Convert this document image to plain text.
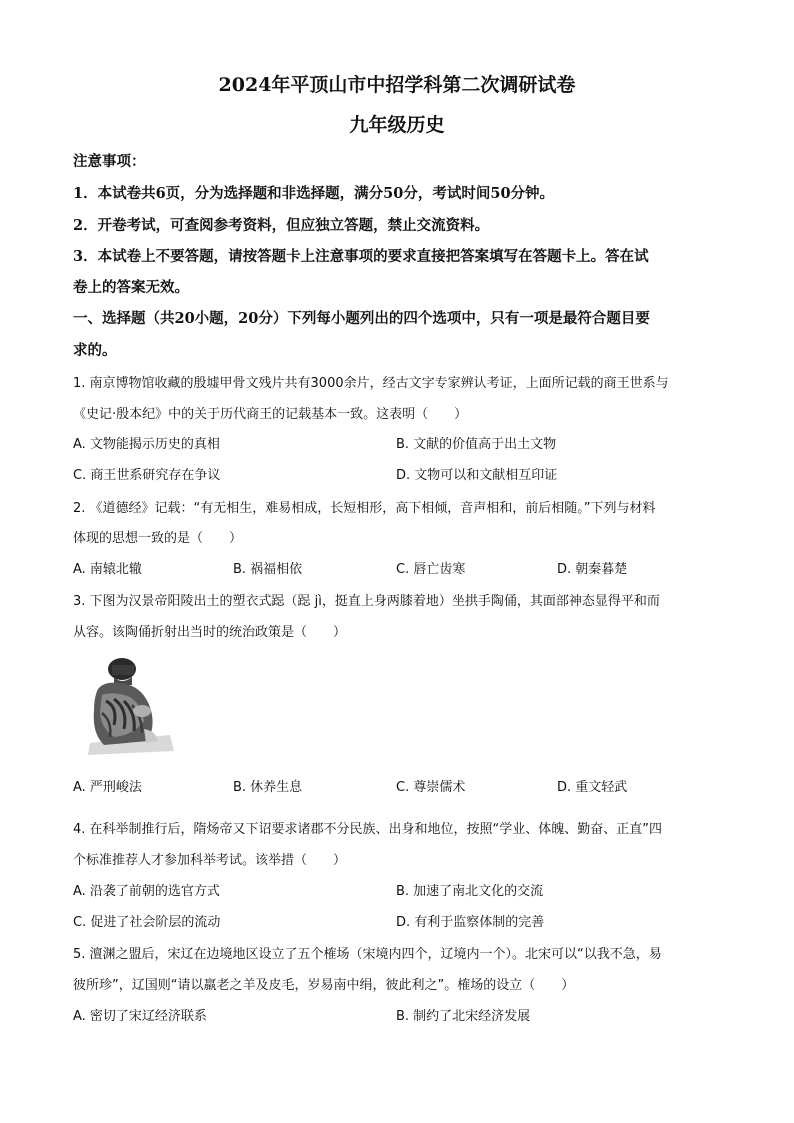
2024年平顶山市中招学科第二次调研试卷
九年级历史
注意事项：
1．本试卷共6页，分为选择题和非选择题，满分50分，考试时间50分钟。
2．开卷考试，可查阅参考资料，但应独立答题，禁止交流资料。
3．本试卷上不要答题，请按答题卡上注意事项的要求直接把答案填写在答题卡上。答在试
卷上的答案无效。
一、选择题（共20小题，20分）下列每小题列出的四个选项中，只有一项是最符合题目要
求的。
1. 南京博物馆收藏的殷墟甲骨文残片共有3000余片，经古文字专家辨认考证，上面所记载的商王世系与
《史记·殷本纪》中的关于历代商王的记载基本一致。这表明（　　）
A. 文物能揭示历史的真相	B. 文献的价值高于出土文物
C. 商王世系研究存在争议	D. 文物可以和文献相互印证
2. 《道德经》记载：“有无相生，难易相成，长短相形，高下相倾，音声相和，前后相随。”下列与材料
体现的思想一致的是（　　）
A. 南辕北辙	B. 祸福相依	C. 唇亡齿寒	D. 朝秦暮楚
3. 下图为汉景帝阳陵出土的塑衣式跽（跽 jì，挺直上身两膝着地）坐拱手陶俑，其面部神态显得平和而
从容。该陶俑折射出当时的统治政策是（　　）
A. 严刑峻法	B. 休养生息	C. 尊崇儒术	D. 重文轻武
4. 在科举制推行后，隋炀帝又下诏要求诸郡不分民族、出身和地位，按照“学业、体魄、勤奋、正直”四
个标准推荐人才参加科举考试。该举措（　　）
A. 沿袭了前朝的选官方式	B. 加速了南北文化的交流
C. 促进了社会阶层的流动	D. 有利于监察体制的完善
5. 澶渊之盟后，宋辽在边境地区设立了五个榷场（宋境内四个，辽境内一个）。北宋可以“以我不急，易
彼所珍”，辽国则“请以羸老之羊及皮毛，岁易南中绢，彼此利之”。榷场的设立（　　）
A. 密切了宋辽经济联系	B. 制约了北宋经济发展
